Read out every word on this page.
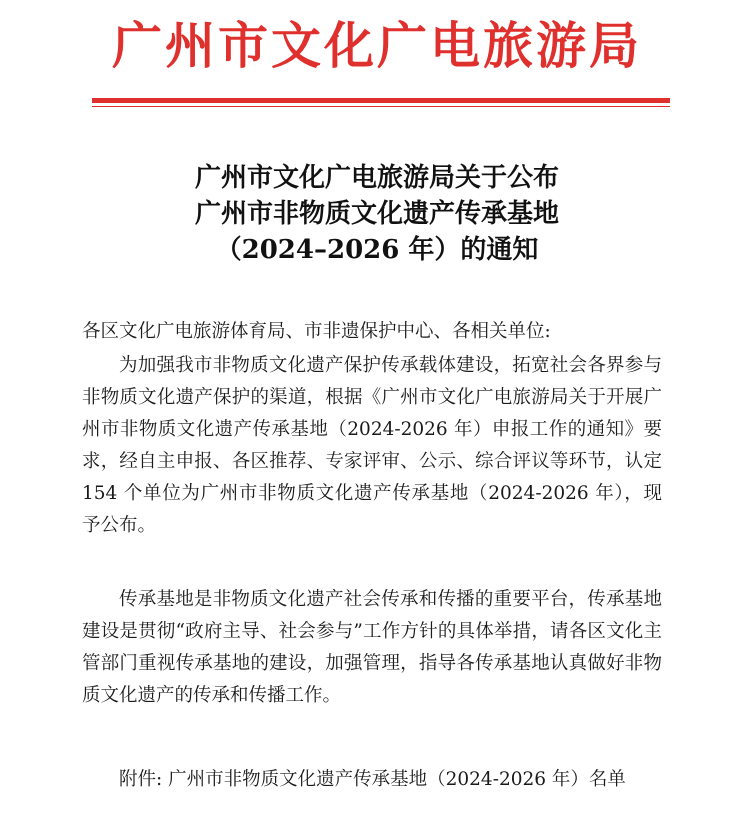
广州市文化广电旅游局
广州市文化广电旅游局关于公布
广州市非物质文化遗产传承基地
（2024–2026 年）的通知
各区文化广电旅游体育局、市非遗保护中心、各相关单位:
为加强我市非物质文化遗产保护传承载体建设，拓宽社会各界参与非物质文化遗产保护的渠道，根据《广州市文化广电旅游局关于开展广州市非物质文化遗产传承基地（2024-2026 年）申报工作的通知》要求，经自主申报、各区推荐、专家评审、公示、综合评议等环节，认定 154 个单位为广州市非物质文化遗产传承基地（2024-2026 年），现予公布。
传承基地是非物质文化遗产社会传承和传播的重要平台，传承基地建设是贯彻“政府主导、社会参与”工作方针的具体举措，请各区文化主管部门重视传承基地的建设，加强管理，指导各传承基地认真做好非物质文化遗产的传承和传播工作。
附件: 广州市非物质文化遗产传承基地（2024-2026 年）名单
